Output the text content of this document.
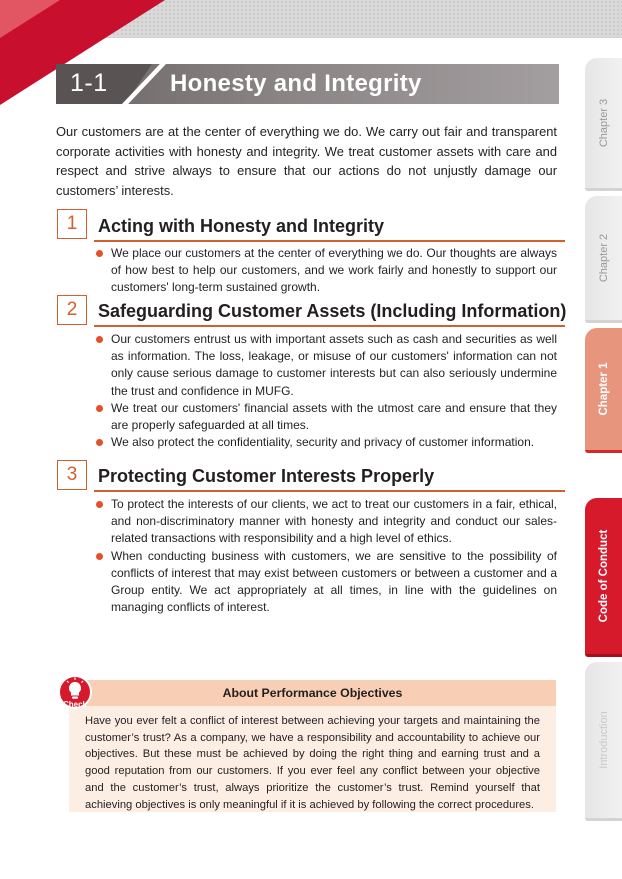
1-1	Honesty and Integrity

Our customers are at the center of everything we do. We carry out fair and transparent corporate activities with honesty and integrity. We treat customer assets with care and respect and strive always to ensure that our actions do not unjustly damage our customers’ interests.

1	Acting with Honesty and Integrity
We place our customers at the center of everything we do. Our thoughts are always of how best to help our customers, and we work fairly and honestly to support our customers' long-term sustained growth.
2	Safeguarding Customer Assets (Including Information)
Our customers entrust us with important assets such as cash and securities as well as information. The loss, leakage, or misuse of our customers' information can not only cause serious damage to customer interests but can also seriously undermine the trust and confidence in MUFG.
We treat our customers' financial assets with the utmost care and ensure that they are properly safeguarded at all times.
We also protect the confidentiality, security and privacy of customer information.
3	Protecting Customer Interests Properly
To protect the interests of our clients, we act to treat our customers in a fair, ethical, and non-discriminatory manner with honesty and integrity and conduct our sales-related transactions with responsibility and a high level of ethics.
When conducting business with customers, we are sensitive to the possibility of conflicts of interest that may exist between customers or between a customer and a Group entity. We act appropriately at all times, in line with the guidelines on managing conflicts of interest.
About Performance Objectives

Have you ever felt a conflict of interest between achieving your targets and maintaining the customer’s trust? As a company, we have a responsibility and accountability to achieve our objectives. But these must be achieved by doing the right thing and earning trust and a good reputation from our customers. If you ever feel any conflict between your objective and the customer’s trust, always prioritize the customer’s trust. Remind yourself that achieving objectives is only meaningful if it is achieved by following the correct procedures.

Check
Chapter 3
Chapter 2
Chapter 1
Code of Conduct
Introduction
